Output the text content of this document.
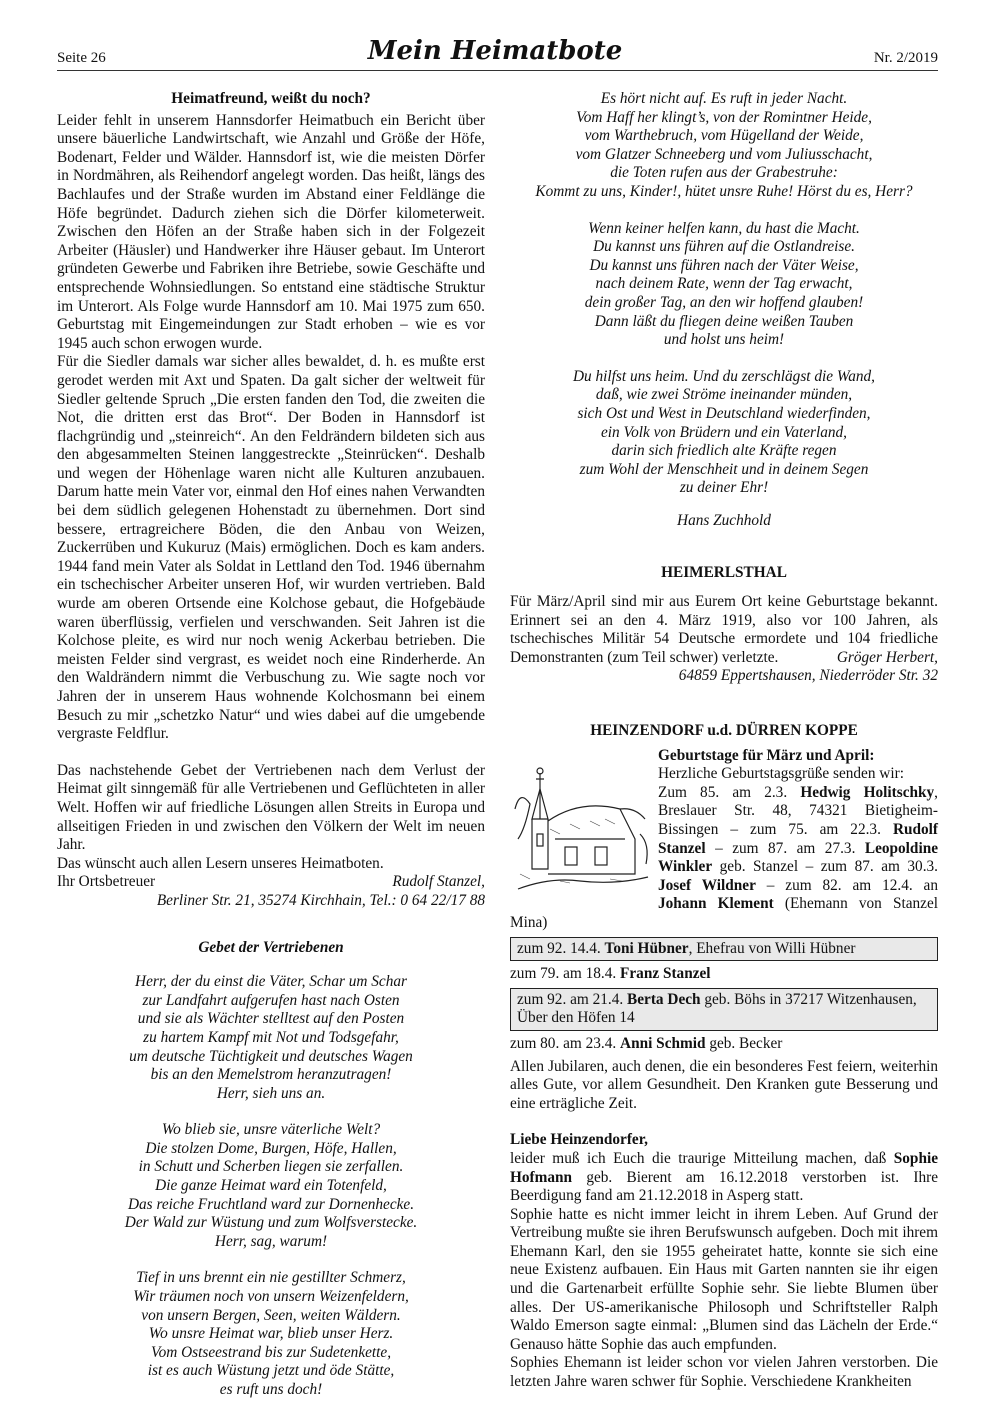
Seite 26	Mein Heimatbote	Nr. 2/2019

Heimatfreund, weißt du noch?

Leider fehlt in unserem Hannsdorfer Heimatbuch ein Bericht über unsere bäuerliche Landwirtschaft, wie Anzahl und Größe der Höfe, Bodenart, Felder und Wälder. Hannsdorf ist, wie die meisten Dörfer in Nordmähren, als Reihendorf angelegt worden. Das heißt, längs des Bachlaufes und der Straße wurden im Abstand einer Feldlänge die Höfe begründet. Dadurch ziehen sich die Dörfer kilometerweit. Zwischen den Höfen an der Straße haben sich in der Folgezeit Arbeiter (Häusler) und Handwerker ihre Häuser gebaut. Im Unterort gründeten Gewerbe und Fabriken ihre Betriebe, sowie Geschäfte und entsprechende Wohnsiedlungen. So entstand eine städtische Struktur im Unterort. Als Folge wurde Hannsdorf am 10. Mai 1975 zum 650. Geburtstag mit Eingemeindungen zur Stadt erhoben – wie es vor 1945 auch schon erwogen wurde.

Für die Siedler damals war sicher alles bewaldet, d. h. es mußte erst gerodet werden mit Axt und Spaten. Da galt sicher der weltweit für Siedler geltende Spruch „Die ersten fanden den Tod, die zweiten die Not, die dritten erst das Brot“. Der Boden in Hannsdorf ist flachgründig und „steinreich“. An den Feldrändern bildeten sich aus den abgesammelten Steinen langgestreckte „Steinrücken“. Deshalb und wegen der Höhenlage waren nicht alle Kulturen anzubauen. Darum hatte mein Vater vor, einmal den Hof eines nahen Verwandten bei dem südlich gelegenen Hohenstadt zu übernehmen. Dort sind bessere, ertragreichere Böden, die den Anbau von Weizen, Zuckerrüben und Kukuruz (Mais) ermöglichen. Doch es kam anders. 1944 fand mein Vater als Soldat in Lettland den Tod. 1946 übernahm ein tschechischer Arbeiter unseren Hof, wir wurden vertrieben. Bald wurde am oberen Ortsende eine Kolchose gebaut, die Hofgebäude waren überflüssig, verfielen und verschwanden. Seit Jahren ist die Kolchose pleite, es wird nur noch wenig Ackerbau betrieben. Die meisten Felder sind vergrast, es weidet noch eine Rinderherde. An den Waldrändern nimmt die Verbuschung zu. Wie sagte noch vor Jahren der in unserem Haus wohnende Kolchosmann bei einem Besuch zu mir „schetzko Natur“ und wies dabei auf die umgebende vergraste Feldflur.

Das nachstehende Gebet der Vertriebenen nach dem Verlust der Heimat gilt sinngemäß für alle Vertriebenen und Geflüchteten in aller Welt. Hoffen wir auf friedliche Lösungen allen Streits in Europa und allseitigen Frieden in und zwischen den Völkern der Welt im neuen Jahr.

Das wünscht auch allen Lesern unseres Heimatboten.

Ihr Ortsbetreuer	Rudolf Stanzel,

Berliner Str. 21, 35274 Kirchhain, Tel.: 0 64 22/17 88

Gebet der Vertriebenen

Herr, der du einst die Väter, Schar um Schar

zur Landfahrt aufgerufen hast nach Osten

und sie als Wächter stelltest auf den Posten

zu hartem Kampf mit Not und Todsgefahr,

um deutsche Tüchtigkeit und deutsches Wagen

bis an den Memelstrom heranzutragen!

Herr, sieh uns an.

Wo blieb sie, unsre väterliche Welt?

Die stolzen Dome, Burgen, Höfe, Hallen,

in Schutt und Scherben liegen sie zerfallen.

Die ganze Heimat ward ein Totenfeld,

Das reiche Fruchtland ward zur Dornenhecke.

Der Wald zur Wüstung und zum Wolfsverstecke.

Herr, sag, warum!

Tief in uns brennt ein nie gestillter Schmerz,

Wir träumen noch von unsern Weizenfeldern,

von unsern Bergen, Seen, weiten Wäldern.

Wo unsre Heimat war, blieb unser Herz.

Vom Ostseestrand bis zur Sudetenkette,

ist es auch Wüstung jetzt und öde Stätte,

es ruft uns doch!

Es hört nicht auf. Es ruft in jeder Nacht.

Vom Haff her klingt’s, von der Romintner Heide,

vom Warthebruch, vom Hügelland der Weide,

vom Glatzer Schneeberg und vom Juliusschacht,

die Toten rufen aus der Grabestruhe:

Kommt zu uns, Kinder!, hütet unsre Ruhe! Hörst du es, Herr?

Wenn keiner helfen kann, du hast die Macht.

Du kannst uns führen auf die Ostlandreise.

Du kannst uns führen nach der Väter Weise,

nach deinem Rate, wenn der Tag erwacht,

dein großer Tag, an den wir hoffend glauben!

Dann läßt du fliegen deine weißen Tauben

und holst uns heim!

Du hilfst uns heim. Und du zerschlägst die Wand,

daß, wie zwei Ströme ineinander münden,

sich Ost und West in Deutschland wiederfinden,

ein Volk von Brüdern und ein Vaterland,

darin sich friedlich alte Kräfte regen

zum Wohl der Menschheit und in deinem Segen

zu deiner Ehr!

Hans Zuchhold

HEIMERLSTHAL

Für März/April sind mir aus Eurem Ort keine Geburtstage bekannt. Erinnert sei an den 4. März 1919, also vor 100 Jahren, als tschechisches Militär 54 Deutsche ermordete und 104 friedliche Demonstranten (zum Teil schwer) verletzte.	Gröger Herbert,

64859 Eppertshausen, Niederröder Str. 32

HEINZENDORF u.d. DÜRREN KOPPE

Geburtstage für März und April:

Herzliche Geburtstagsgrüße senden wir:

Zum 85. am 2.3. Hedwig Holitschky, Breslauer Str. 48, 74321 Bietigheim-Bissingen – zum 75. am 22.3. Rudolf Stanzel – zum 87. am 27.3. Leopoldine Winkler geb. Stanzel – zum 87. am 30.3. Josef Wildner – zum 82. am 12.4. an Johann Klement (Ehemann von Stanzel Mina)

zum 92. 14.4. Toni Hübner, Ehefrau von Willi Hübner

zum 79. am 18.4. Franz Stanzel

zum 92. am 21.4. Berta Dech geb. Böhs in 37217 Witzenhausen, Über den Höfen 14

zum 80. am 23.4. Anni Schmid geb. Becker

Allen Jubilaren, auch denen, die ein besonderes Fest feiern, weiterhin alles Gute, vor allem Gesundheit. Den Kranken gute Besserung und eine erträgliche Zeit.

Liebe Heinzendorfer,

leider muß ich Euch die traurige Mitteilung machen, daß Sophie Hofmann geb. Bierent am 16.12.2018 verstorben ist. Ihre Beerdigung fand am 21.12.2018 in Asperg statt.

Sophie hatte es nicht immer leicht in ihrem Leben. Auf Grund der Vertreibung mußte sie ihren Berufswunsch aufgeben. Doch mit ihrem Ehemann Karl, den sie 1955 geheiratet hatte, konnte sie sich eine neue Existenz aufbauen. Ein Haus mit Garten nannten sie ihr eigen und die Gartenarbeit erfüllte Sophie sehr. Sie liebte Blumen über alles. Der US-amerikanische Philosoph und Schriftsteller Ralph Waldo Emerson sagte einmal: „Blumen sind das Lächeln der Erde.“ Genauso hätte Sophie das auch empfunden.

Sophies Ehemann ist leider schon vor vielen Jahren verstorben. Die letzten Jahre waren schwer für Sophie. Verschiedene Krankheiten
